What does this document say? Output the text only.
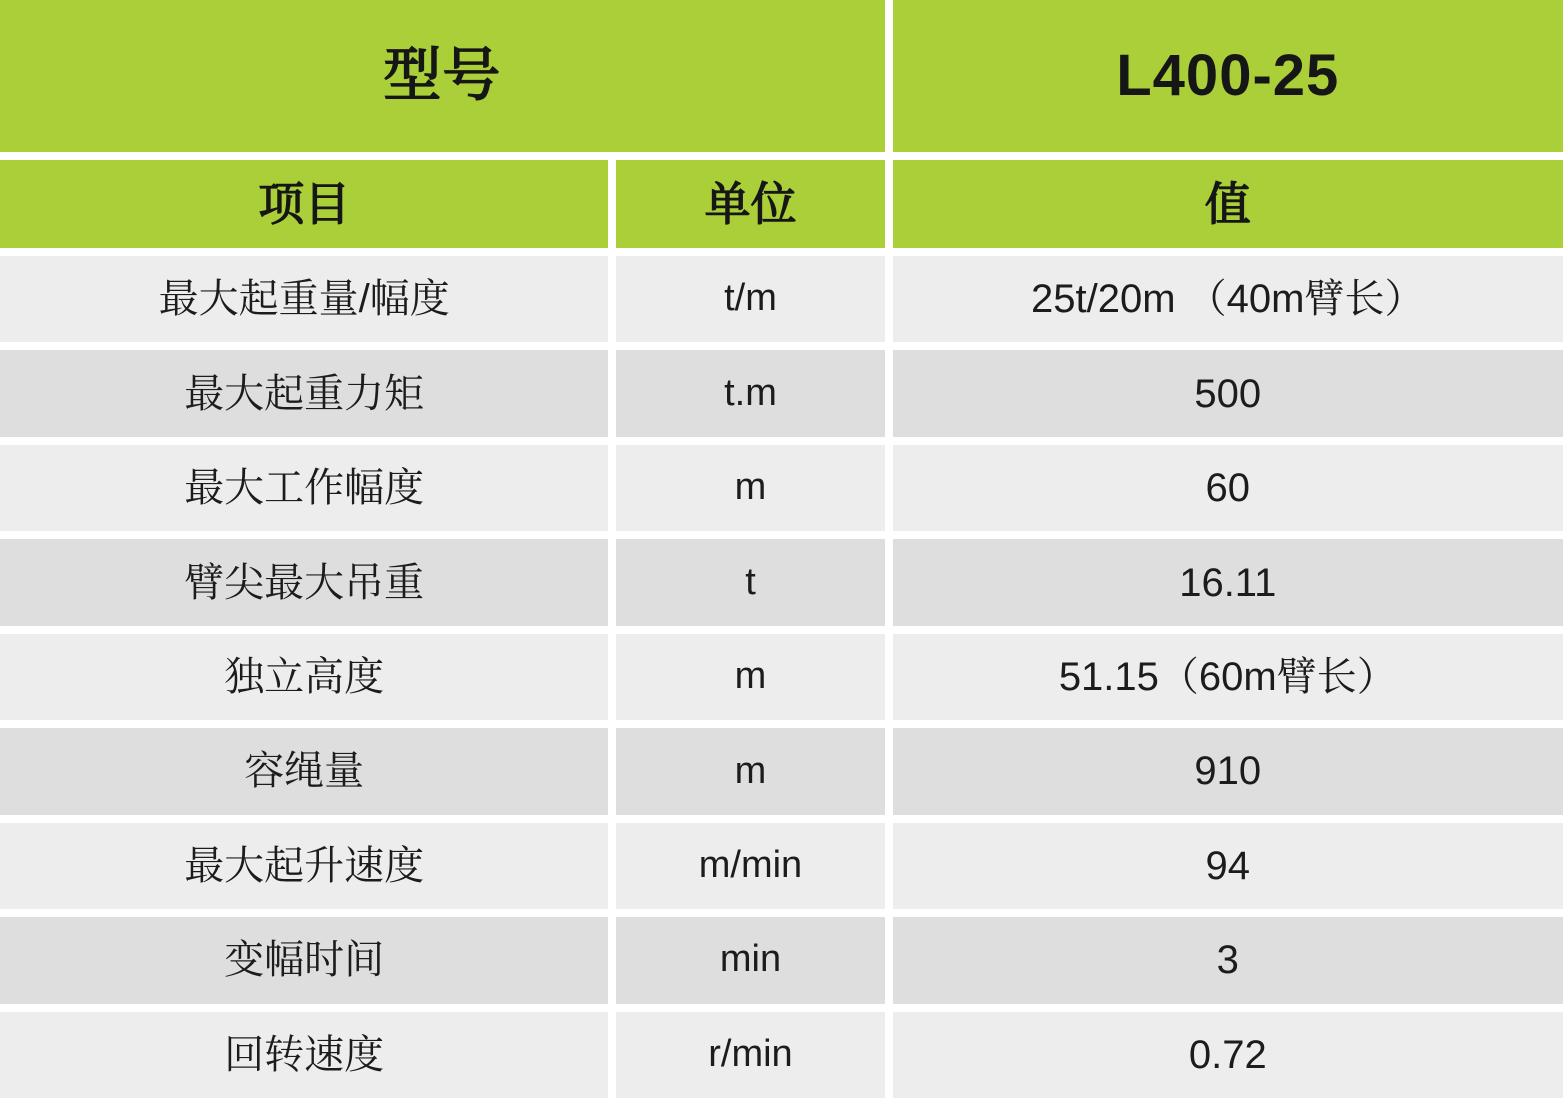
型号	L400-25
项目	单位	值
最大起重量/幅度	t/m	25t/20m （40m臂长）
最大起重力矩	t.m	500
最大工作幅度	m	60
臂尖最大吊重	t	16.11
独立高度	m	51.15（60m臂长）
容绳量	m	910
最大起升速度	m/min	94
变幅时间	min	3
回转速度	r/min	0.72
